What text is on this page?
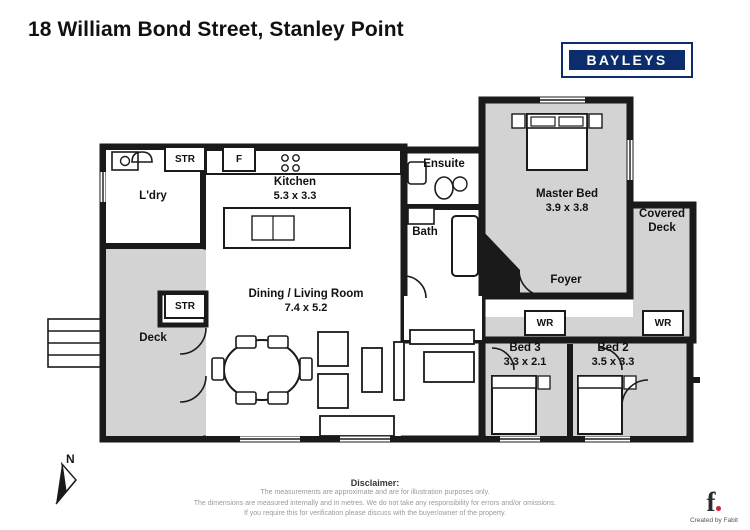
18 William Bond Street, Stanley Point
BAYLEYS
L'dry
Kitchen
5.3 x 3.3
Ensuite
Master Bed
3.9 x 3.8
Covered
Deck
Bath
Foyer
Dining / Living Room
7.4 x 5.2
Deck
Bed 3
3.3 x 2.1
Bed 2
3.5 x 3.3
STR
STR
F
WR	WR
N
Disclaimer:
The measurements are approximate and are for illustration purposes only.
The dimensions are measured internally and in metres. We do not take any responsibility for errors and/or omissions.
If you require this for verification please discuss with the buyer/owner of the property.	f
Created by Fabit
